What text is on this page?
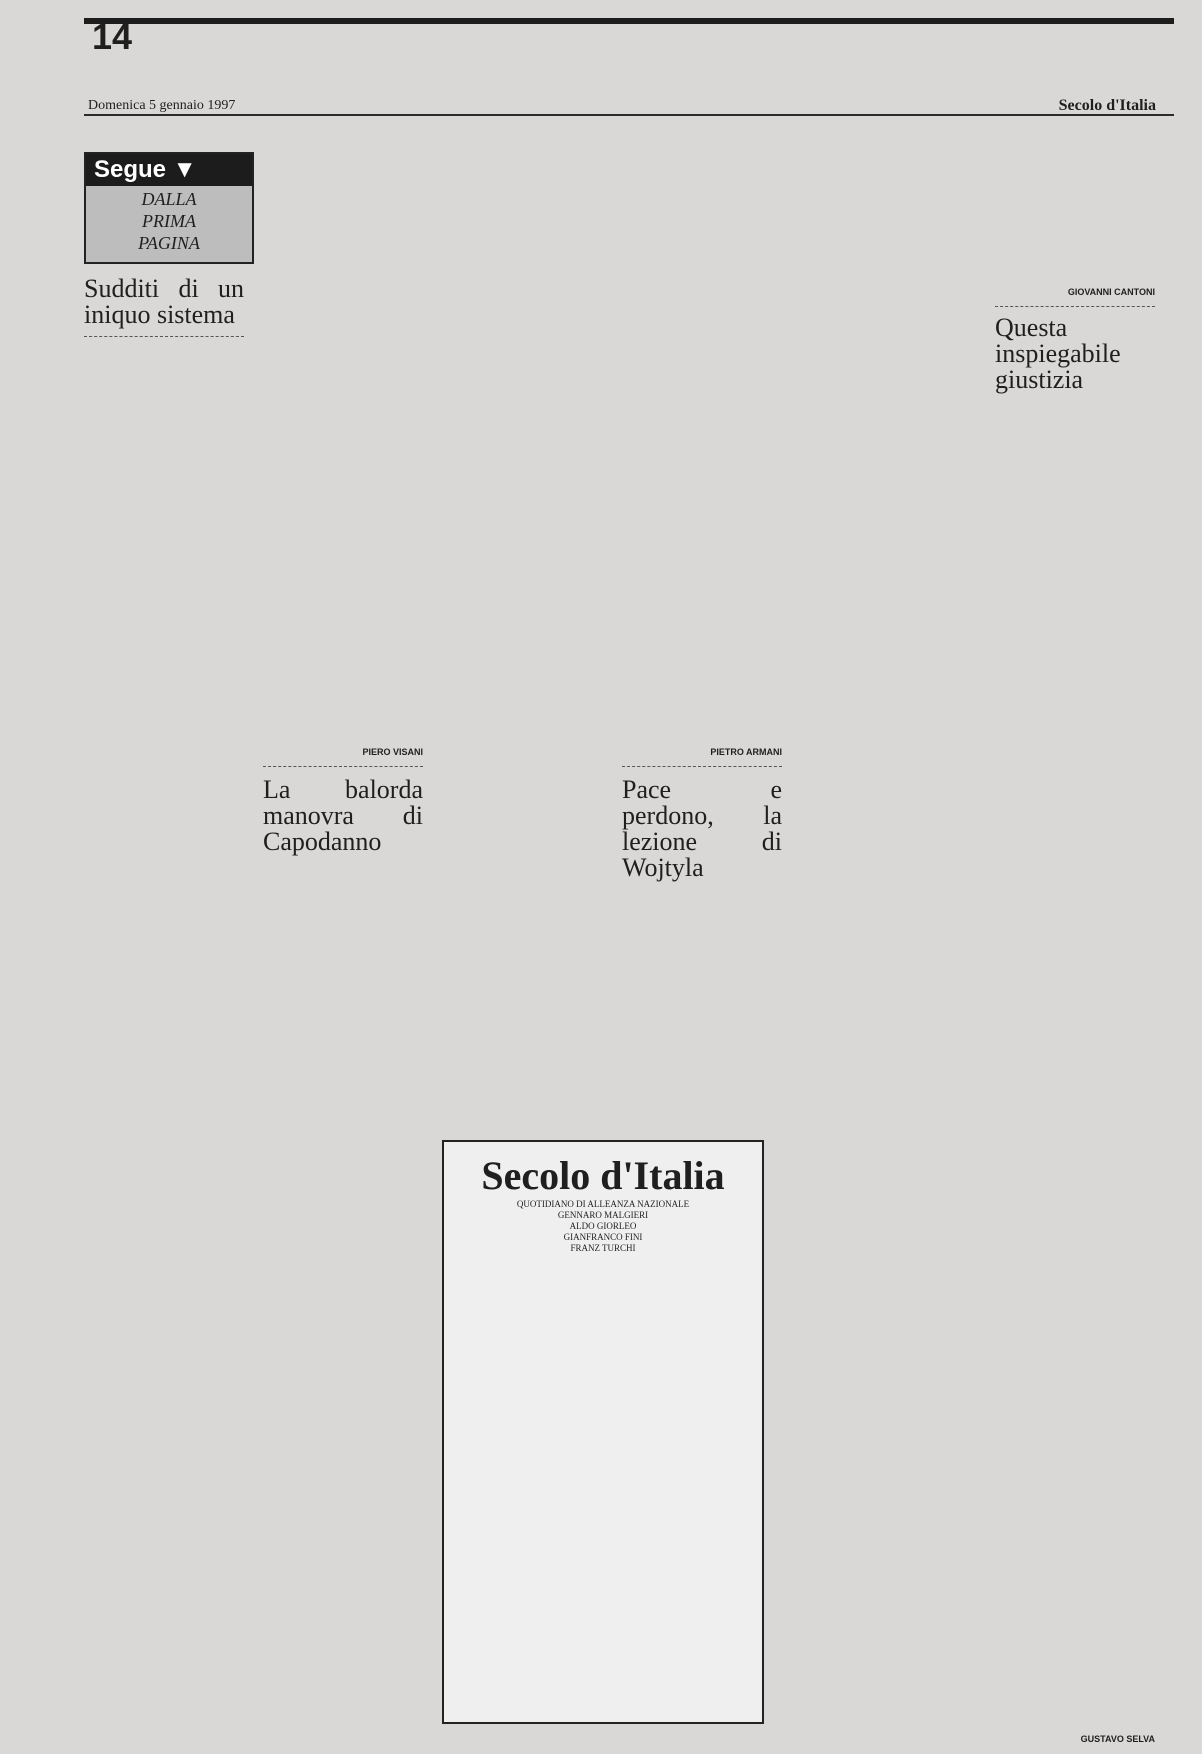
14
Domenica 5 gennaio 1997	Secolo d'Italia
Segue ▼
DALLA
PRIMA
PAGINA
Sudditi di un iniquo sistema
PIERO VISANI
La balorda manovra di Capodanno
PIETRO ARMANI
Pace e perdono, la lezione di Wojtyla
GIOVANNI CANTONI
Questa inspiegabile giustizia
GUSTAVO SELVA
Secolo d'Italia
QUOTIDIANO DI ALLEANZA NAZIONALE
GENNARO MALGIERI
ALDO GIORLEO
GIANFRANCO FINI
FRANZ TURCHI
